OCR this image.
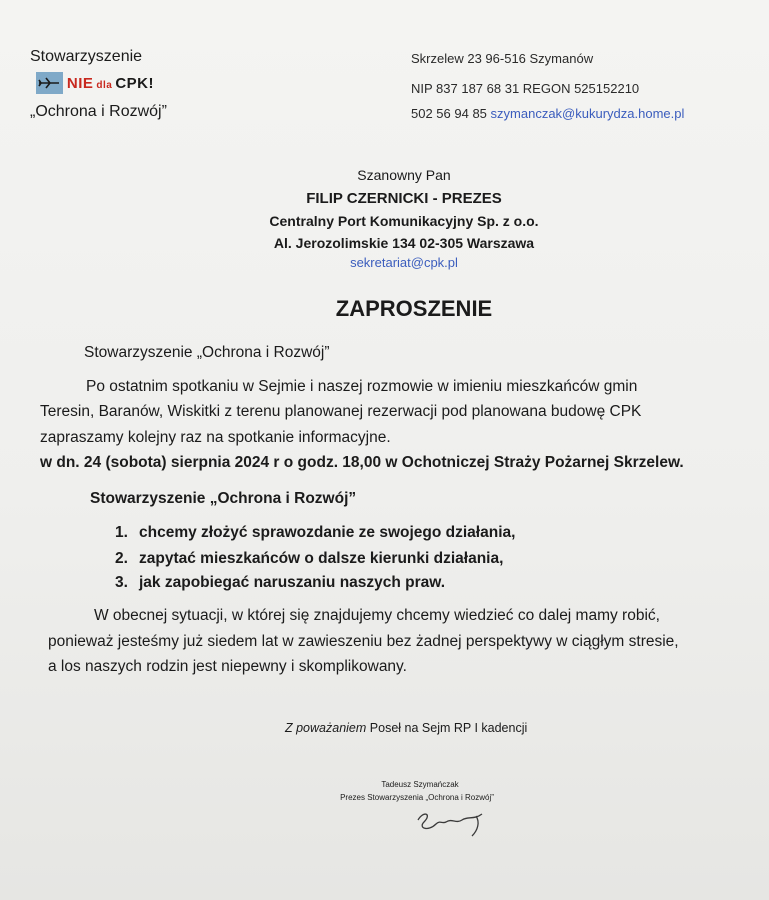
Stowarzyszenie
NIE dla CPK!
„Ochrona i Rozwój”
Skrzelew 23 96-516 Szymanów
NIP 837 187 68 31 REGON 525152210
502 56 94 85 szymanczak@kukurydza.home.pl
Szanowny Pan
FILIP CZERNICKI - PREZES
Centralny Port Komunikacyjny Sp. z o.o.
Al. Jerozolimskie 134 02-305 Warszawa
sekretariat@cpk.pl
ZAPROSZENIE
Stowarzyszenie „Ochrona i Rozwój”
Po ostatnim spotkaniu w Sejmie i naszej rozmowie w imieniu mieszkańców gmin
Teresin, Baranów, Wiskitki z terenu planowanej rezerwacji pod planowana budowę CPK
zapraszamy kolejny raz na spotkanie informacyjne.
w dn. 24 (sobota) sierpnia 2024 r o godz. 18,00 w Ochotniczej Straży Pożarnej Skrzelew.
Stowarzyszenie „Ochrona i Rozwój”
1. chcemy złożyć sprawozdanie ze swojego działania,
2. zapytać mieszkańców o dalsze kierunki działania,
3. jak zapobiegać naruszaniu naszych praw.
W obecnej sytuacji, w której się znajdujemy chcemy wiedzieć co dalej mamy robić,
ponieważ jesteśmy już siedem lat w zawieszeniu bez żadnej perspektywy w ciągłym stresie,
a los naszych rodzin jest niepewny i skomplikowany.
Z poważaniem Poseł na Sejm RP I kadencji
Tadeusz Szymańczak
Prezes Stowarzyszenia „Ochrona i Rozwój”
